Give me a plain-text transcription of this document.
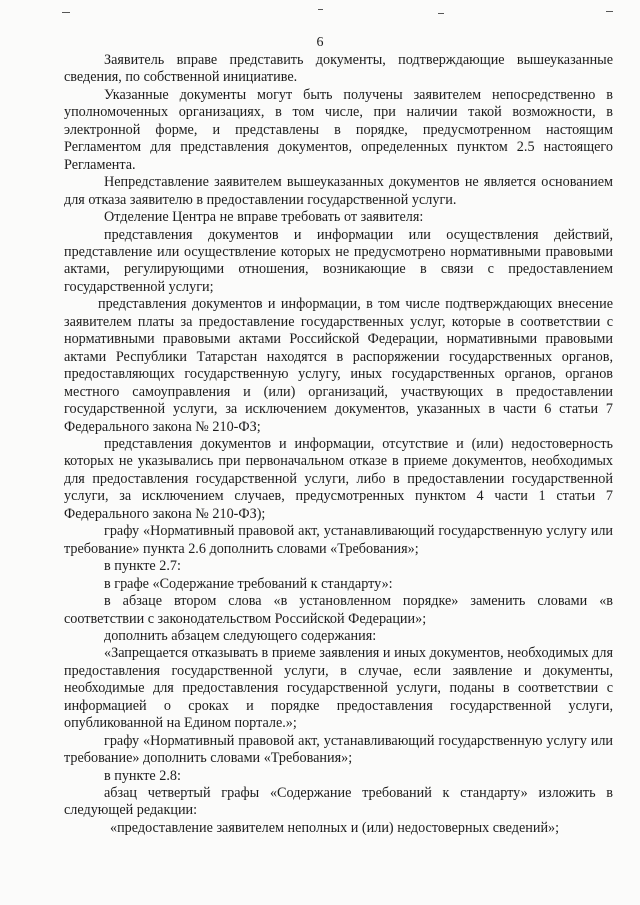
6

Заявитель вправе представить документы, подтверждающие вышеуказанные сведения, по собственной инициативе.

Указанные документы могут быть получены заявителем непосредственно в уполномоченных организациях, в том числе, при наличии такой возможности, в электронной форме, и представлены в порядке, предусмотренном настоящим Регламентом для представления документов, определенных пунктом 2.5 настоящего Регламента.

Непредставление заявителем вышеуказанных документов не является основанием для отказа заявителю в предоставлении государственной услуги.

Отделение Центра не вправе требовать от заявителя:

представления документов и информации или осуществления действий, представление или осуществление которых не предусмотрено нормативными правовыми актами, регулирующими отношения, возникающие в связи с предоставлением государственной услуги;

представления документов и информации, в том числе подтверждающих внесение заявителем платы за предоставление государственных услуг, которые в соответствии с нормативными правовыми актами Российской Федерации, нормативными правовыми актами Республики Татарстан находятся в распоряжении государственных органов, предоставляющих государственную услугу, иных государственных органов, органов местного самоуправления и (или) организаций, участвующих в предоставлении государственной услуги, за исключением документов, указанных в части 6 статьи 7 Федерального закона № 210-ФЗ;

представления документов и информации, отсутствие и (или) недостоверность которых не указывались при первоначальном отказе в приеме документов, необходимых для предоставления государственной услуги, либо в предоставлении государственной услуги, за исключением случаев, предусмотренных пунктом 4 части 1 статьи 7 Федерального закона № 210-ФЗ);

графу «Нормативный правовой акт, устанавливающий государственную услугу или требование» пункта 2.6 дополнить словами «Требования»;

в пункте 2.7:

в графе «Содержание требований к стандарту»:

в абзаце втором слова «в установленном порядке» заменить словами «в соответствии с законодательством Российской Федерации»;

дополнить абзацем следующего содержания:

«Запрещается отказывать в приеме заявления и иных документов, необходимых для предоставления государственной услуги, в случае, если заявление и документы, необходимые для предоставления государственной услуги, поданы в соответствии с информацией о сроках и порядке предоставления государственной услуги, опубликованной на Едином портале.»;

графу «Нормативный правовой акт, устанавливающий государственную услугу или требование» дополнить словами «Требования»;

в пункте 2.8:

абзац четвертый графы «Содержание требований к стандарту» изложить в следующей редакции:

«предоставление заявителем неполных и (или) недостоверных сведений»;
